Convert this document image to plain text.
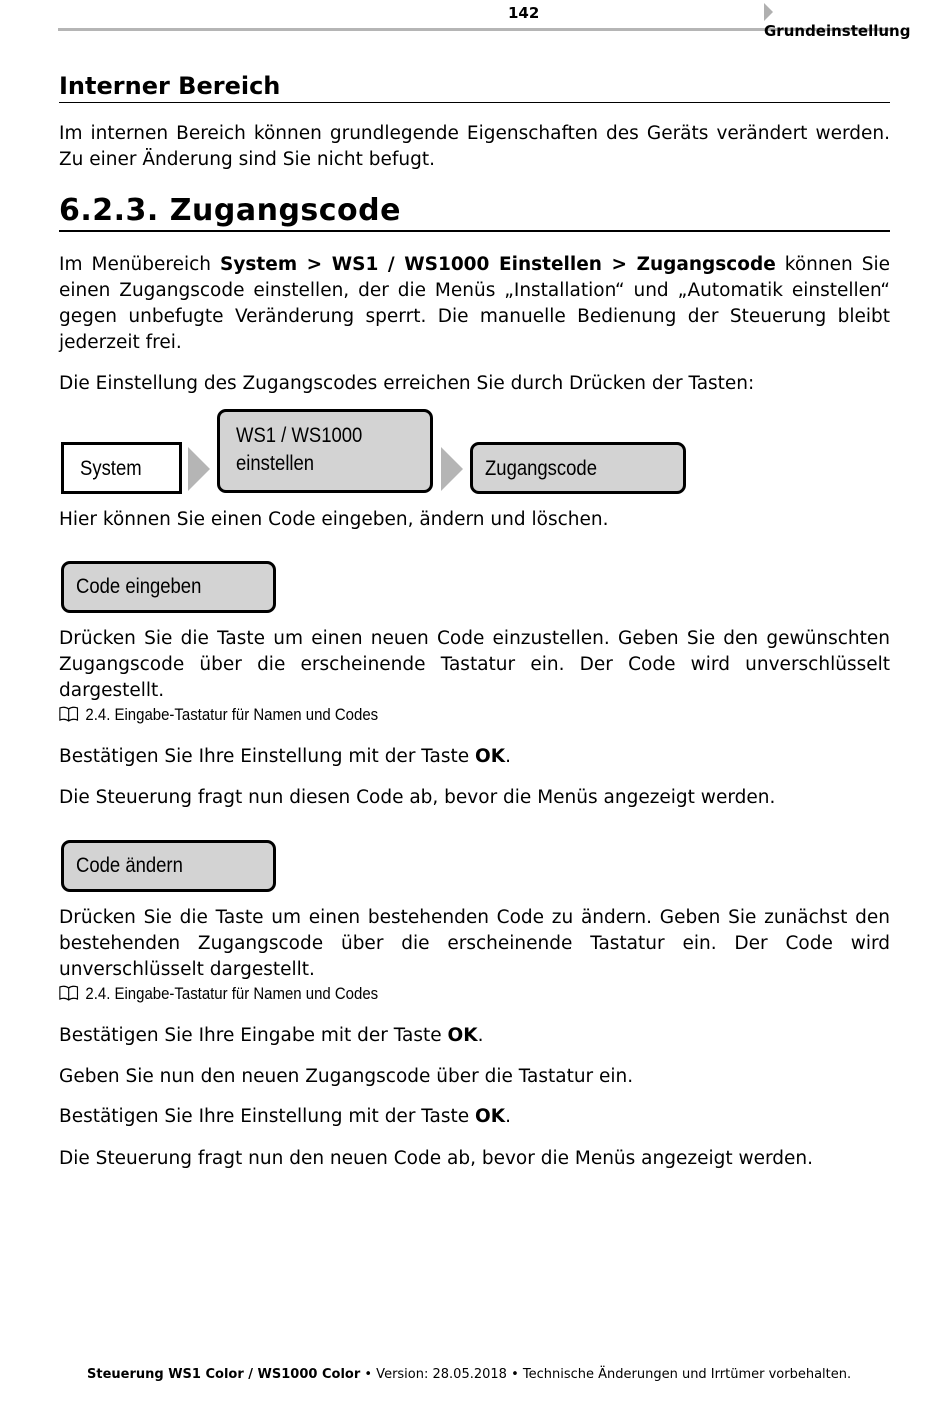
142
Grundeinstellung
Interner Bereich

Im internen Bereich können grundlegende Eigenschaften des Geräts verändert werden. Zu einer Änderung sind Sie nicht befugt.

6.2.3. Zugangscode

Im Menübereich System > WS1 / WS1000 Einstellen > Zugangscode können Sie einen Zugangscode einstellen, der die Menüs „Installation“ und „Automatik einstellen“ gegen unbefugte Veränderung sperrt. Die manuelle Bedienung der Steuerung bleibt jederzeit frei.

Die Einstellung des Zugangscodes erreichen Sie durch Drücken der Tasten:

System
WS1 / WS1000
einstellen	Zugangscode

Hier können Sie einen Code eingeben, ändern und löschen.

Code eingeben

Drücken Sie die Taste um einen neuen Code einzustellen. Geben Sie den gewünschten Zugangscode über die erscheinende Tastatur ein. Der Code wird unverschlüsselt dargestellt.

2.4. Eingabe-Tastatur für Namen und Codes

Bestätigen Sie Ihre Einstellung mit der Taste OK.

Die Steuerung fragt nun diesen Code ab, bevor die Menüs angezeigt werden.

Code ändern

Drücken Sie die Taste um einen bestehenden Code zu ändern. Geben Sie zunächst den bestehenden Zugangscode über die erscheinende Tastatur ein. Der Code wird unverschlüsselt dargestellt.

2.4. Eingabe-Tastatur für Namen und Codes

Bestätigen Sie Ihre Eingabe mit der Taste OK.

Geben Sie nun den neuen Zugangscode über die Tastatur ein.

Bestätigen Sie Ihre Einstellung mit der Taste OK.

Die Steuerung fragt nun den neuen Code ab, bevor die Menüs angezeigt werden.

Steuerung WS1 Color / WS1000 Color • Version: 28.05.2018 • Technische Änderungen und Irrtümer vorbehalten.
